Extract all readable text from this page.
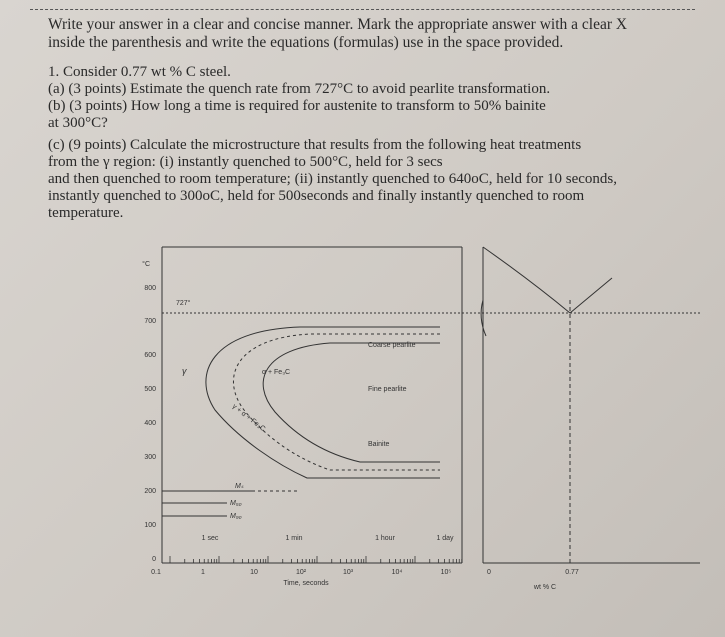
Write your answer in a clear and concise manner. Mark the appropriate answer with a clear X
inside the parenthesis and write the equations (formulas) use in the space provided.
1. Consider 0.77 wt % C steel.
(a) (3 points) Estimate the quench rate from 727°C to avoid pearlite transformation.
(b) (3 points) How long a time is required for austenite to transform to 50% bainite
at 300°C?
(c) (9 points) Calculate the microstructure that results from the following heat treatments
from the γ region: (i) instantly quenched to 500°C, held for 3 secs
and then quenched to room temperature; (ii) instantly quenched to 640oC, held for 10 seconds,
instantly quenched to 300oC, held for 500seconds and finally instantly quenched to room
temperature.
°C
800
700
600
500
400
300
200
100
0
0.1	1	10	10²	10³	10⁴	10⁵
Time, seconds
1 sec	1 min	1 hour	1 day
0	0.77
wt % C
727°
γ	α + Fe₃C
γ + α + Fe₃C
Coarse pearlite
Fine pearlite
Bainite
Mₛ
M₅₀
M₉₀
